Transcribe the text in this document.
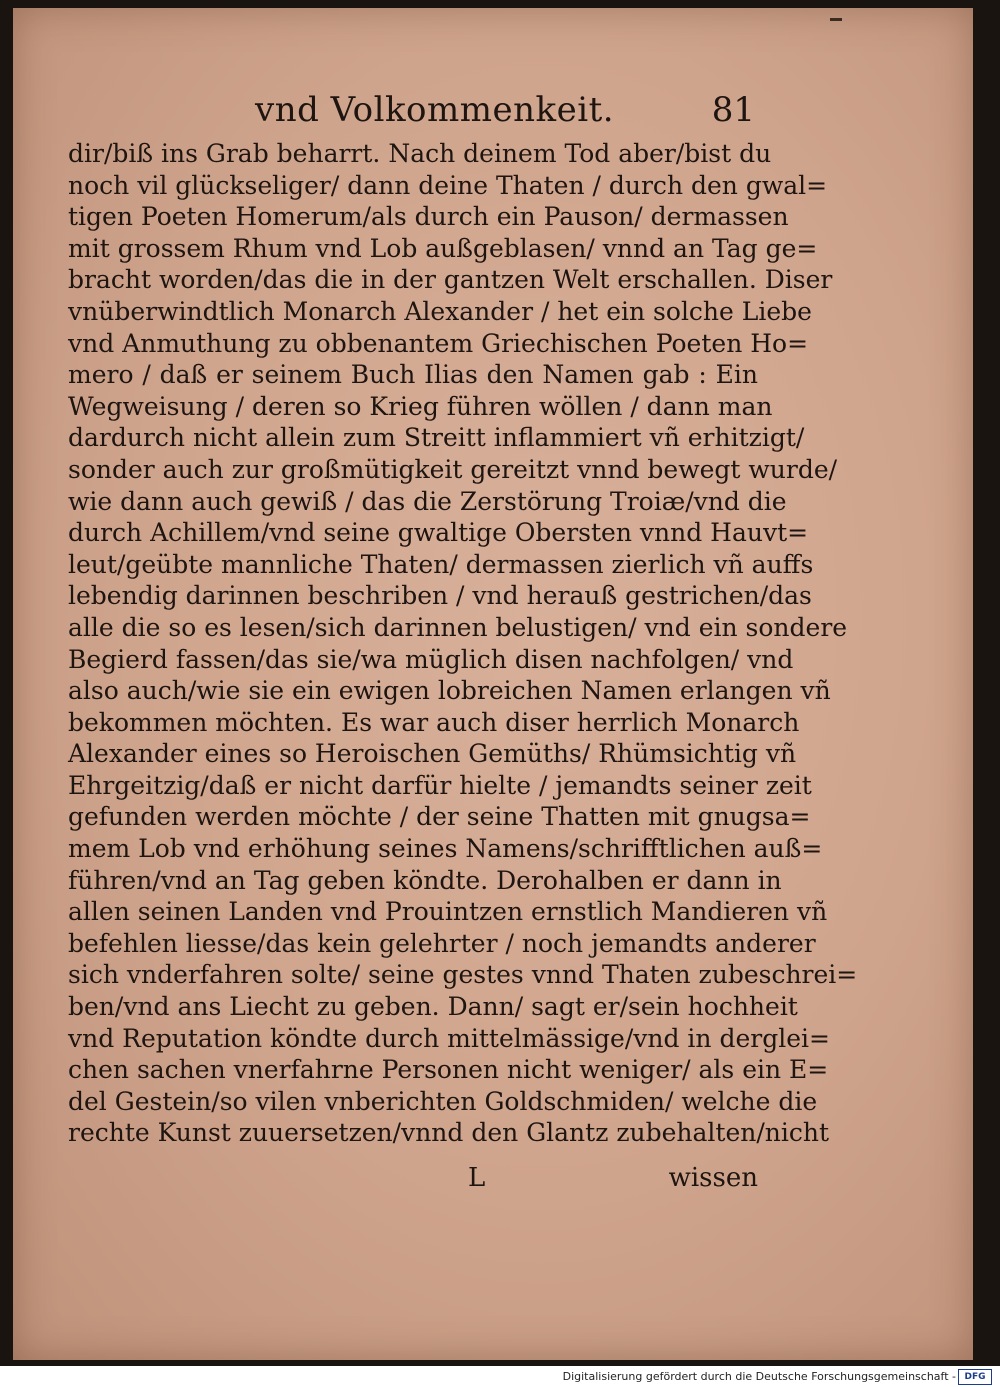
vnd Volkommenkeit.	81
dir/biß ins Grab beharrt. Nach deinem Tod aber/bist du
noch vil glückseliger/ dann deine Thaten / durch den gwal=
tigen Poeten Homerum/als durch ein Pauson/ dermassen
mit grossem Rhum vnd Lob außgeblasen/ vnnd an Tag ge=
bracht worden/das die in der gantzen Welt erschallen. Diser
vnüberwindtlich Monarch Alexander / het ein solche Liebe
vnd Anmuthung zu obbenantem Griechischen Poeten Ho=
mero / daß er seinem Buch Ilias den Namen gab : Ein
Wegweisung / deren so Krieg führen wöllen / dann man
dardurch nicht allein zum Streitt inflammiert vñ erhitzigt/
sonder auch zur großmütigkeit gereitzt vnnd bewegt wurde/
wie dann auch gewiß / das die Zerstörung Troiæ/vnd die
durch Achillem/vnd seine gwaltige Obersten vnnd Hauvt=
leut/geübte mannliche Thaten/ dermassen zierlich vñ auffs
lebendig darinnen beschriben / vnd herauß gestrichen/das
alle die so es lesen/sich darinnen belustigen/ vnd ein sondere
Begierd fassen/das sie/wa müglich disen nachfolgen/ vnd
also auch/wie sie ein ewigen lobreichen Namen erlangen vñ
bekommen möchten. Es war auch diser herrlich Monarch
Alexander eines so Heroischen Gemüths/ Rhümsichtig vñ
Ehrgeitzig/daß er nicht darfür hielte / jemandts seiner zeit
gefunden werden möchte / der seine Thatten mit gnugsa=
mem Lob vnd erhöhung seines Namens/schrifftlichen auß=
führen/vnd an Tag geben köndte. Derohalben er dann in
allen seinen Landen vnd Prouintzen ernstlich Mandieren vñ
befehlen liesse/das kein gelehrter / noch jemandts anderer
sich vnderfahren solte/ seine gestes vnnd Thaten zubeschrei=
ben/vnd ans Liecht zu geben. Dann/ sagt er/sein hochheit
vnd Reputation köndte durch mittelmässige/vnd in derglei=
chen sachen vnerfahrne Personen nicht weniger/ als ein E=
del Gestein/so vilen vnberichten Goldschmiden/ welche die
rechte Kunst zuuersetzen/vnnd den Glantz zubehalten/nicht
L	wissen
Digitalisierung gefördert durch die Deutsche Forschungsgemeinschaft - DFG
